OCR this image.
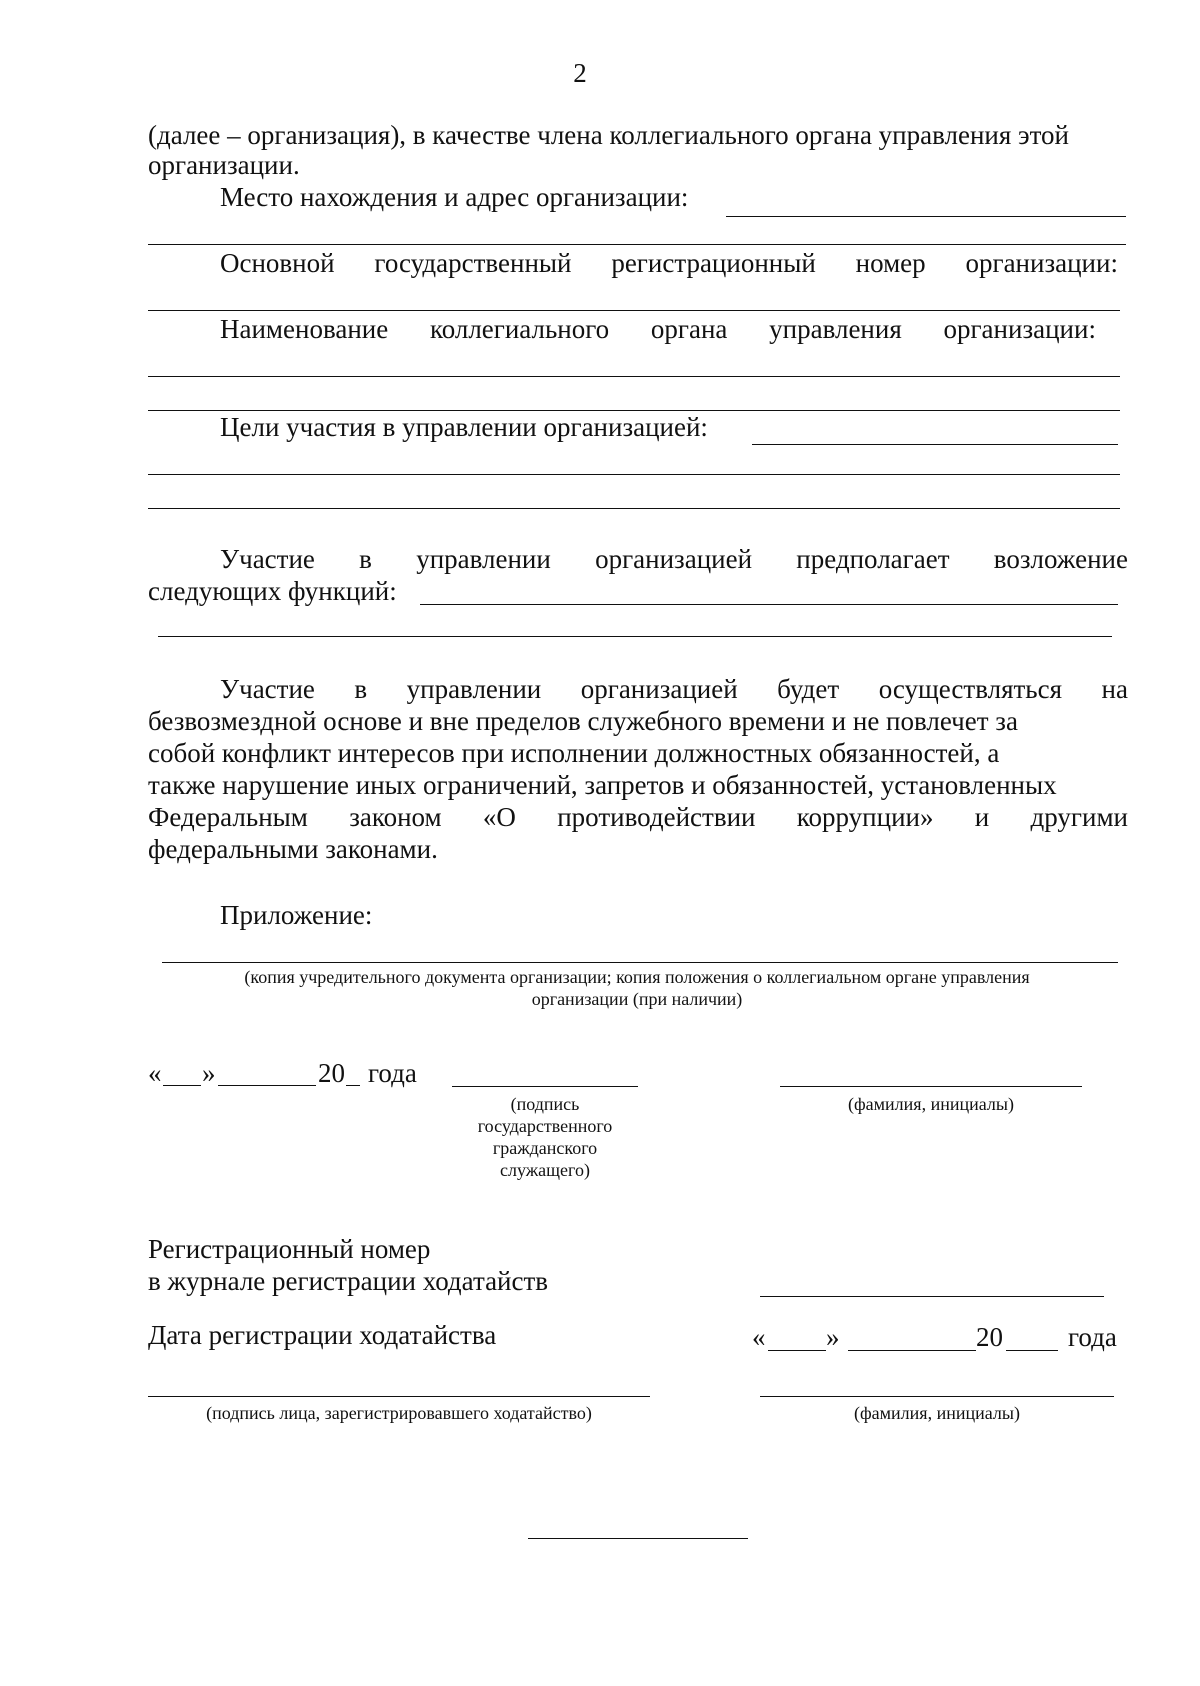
2
(далее – организация), в качестве члена коллегиального органа управления этой
организации.
Место нахождения и адрес организации:
Основной государственный регистрационный номер организации:
Наименование коллегиального органа управления организации:
Цели участия в управлении организацией:
Участие в управлении организацией предполагает возложение
следующих функций:
Участие в управлении организацией будет осуществляться на
безвозмездной основе и вне пределов служебного времени и не повлечет за
собой конфликт интересов при исполнении должностных обязанностей, а
также нарушение иных ограничений, запретов и обязанностей, установленных
Федеральным законом «О противодействии коррупции» и другими
федеральными законами.
Приложение:
(копия учредительного документа организации; копия положения о коллегиальном органе управления
организации (при наличии)
« »	20 года
(подпись
государственного
гражданского
служащего)
(фамилия, инициалы)
Регистрационный номер
в журнале регистрации ходатайств
Дата регистрации ходатайства	« »	20 года
(подпись лица, зарегистрировавшего ходатайство)	(фамилия, инициалы)
